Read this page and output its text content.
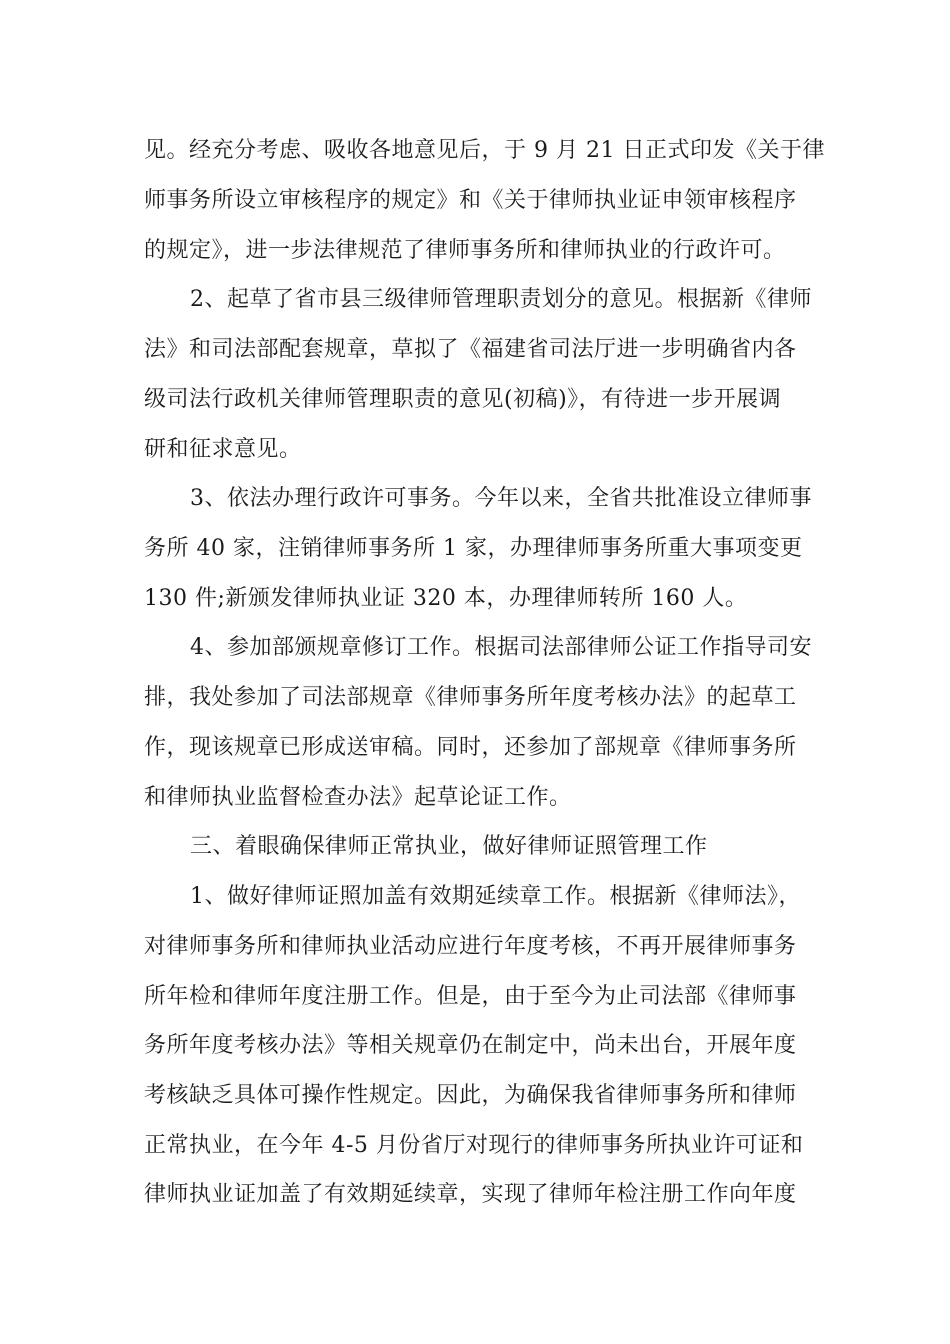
见。经充分考虑、吸收各地意见后，于 9 月 21 日正式印发《关于律
师事务所设立审核程序的规定》和《关于律师执业证申领审核程序
的规定》，进一步法律规范了律师事务所和律师执业的行政许可。
2、起草了省市县三级律师管理职责划分的意见。根据新《律师
法》和司法部配套规章，草拟了《福建省司法厅进一步明确省内各
级司法行政机关律师管理职责的意见(初稿)》，有待进一步开展调
研和征求意见。
3、依法办理行政许可事务。今年以来，全省共批准设立律师事
务所 40 家，注销律师事务所 1 家，办理律师事务所重大事项变更
130 件;新颁发律师执业证 320 本，办理律师转所 160 人。
4、参加部颁规章修订工作。根据司法部律师公证工作指导司安
排，我处参加了司法部规章《律师事务所年度考核办法》的起草工
作，现该规章已形成送审稿。同时，还参加了部规章《律师事务所
和律师执业监督检查办法》起草论证工作。
三、着眼确保律师正常执业，做好律师证照管理工作
1、做好律师证照加盖有效期延续章工作。根据新《律师法》，
对律师事务所和律师执业活动应进行年度考核，不再开展律师事务
所年检和律师年度注册工作。但是，由于至今为止司法部《律师事
务所年度考核办法》等相关规章仍在制定中，尚未出台，开展年度
考核缺乏具体可操作性规定。因此，为确保我省律师事务所和律师
正常执业，在今年 4-5 月份省厅对现行的律师事务所执业许可证和
律师执业证加盖了有效期延续章，实现了律师年检注册工作向年度
